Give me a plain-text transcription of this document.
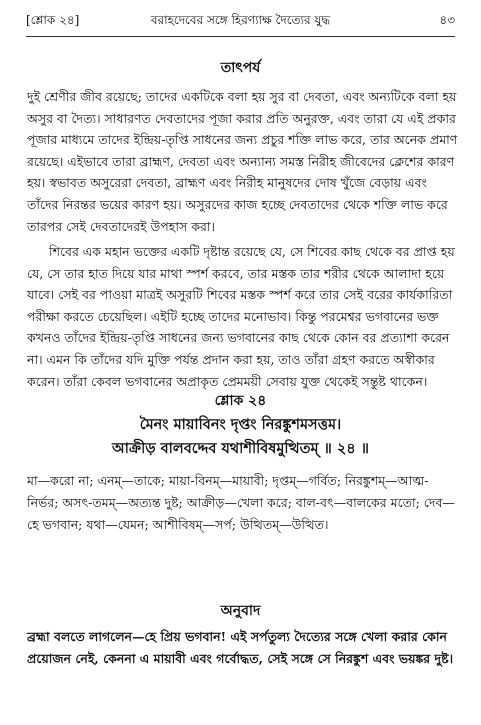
[শ্লোক ২৪]	বরাহদেবের সঙ্গে হিরণ্যাক্ষ দৈত্যের যুদ্ধ	৪৩
তাৎপর্য

দুই শ্রেণীর জীব রয়েছে; তাদের একটিকে বলা হয় সুর বা দেবতা, এবং অন্যটিকে বলা হয় অসুর বা দৈত্য। সাধারণত দেবতাদের পূজা করার প্রতি অনুরক্ত, এবং তারা যে এই প্রকার পূজার মাধ্যমে তাদের ইন্দ্রিয়-তৃপ্তি সাধনের জন্য প্রচুর শক্তি লাভ করে, তার অনেক প্রমাণ রয়েছে। এইভাবে তারা ব্রাহ্মণ, দেবতা এবং অন্যান্য সমস্ত নিরীহ জীবেদের ক্লেশের কারণ হয়। স্বভাবত অসুরেরা দেবতা, ব্রাহ্মণ এবং নিরীহ মানুষদের দোষ খুঁজে বেড়ায় এবং তাঁদের নিরন্তর ভয়ের কারণ হয়। অসুরদের কাজ হচ্ছে দেবতাদের থেকে শক্তি লাভ করে তারপর সেই দেবতাদেরই উপহাস করা।

শিবের এক মহান ভক্তের একটি দৃষ্টান্ত রয়েছে যে, সে শিবের কাছ থেকে বর প্রাপ্ত হয় যে, সে তার হাত দিয়ে যার মাথা স্পর্শ করবে, তার মস্তক তার শরীর থেকে আলাদা হয়ে যাবে। সেই বর পাওয়া মাত্রই অসুরটি শিবের মস্তক স্পর্শ করে তার সেই বরের কার্যকারিতা পরীক্ষা করতে চেয়েছিল। এইটি হচ্ছে তাদের মনোভাব। কিন্তু পরমেশ্বর ভগবানের ভক্ত কখনও তাঁদের ইন্দ্রিয়-তৃপ্তি সাধনের জন্য ভগবানের কাছ থেকে কোন বর প্রত্যাশা করেন না। এমন কি তাঁদের যদি মুক্তি পর্যন্ত প্রদান করা হয়, তাও তাঁরা গ্রহণ করতে অস্বীকার করেন। তাঁরা কেবল ভগবানের অপ্রাকৃত প্রেমময়ী সেবায় যুক্ত থেকেই সন্তুষ্ট থাকেন।

শ্লোক ২৪
মৈনং মায়াবিনং দৃপ্তং নিরঙ্কুশমসত্তম।
আক্রীড় বালবদ্দেব যথাশীবিষমুত্থিতম্ ॥ ২৪ ॥

মা—করো না; এনম্—তাকে; মায়া-বিনম্—মায়াবী; দৃপ্তম্—গর্বিত; নিরঙ্কুশম্—আত্ম-নির্ভর; অসৎ-তমম্—অত্যন্ত দুষ্ট; আক্রীড়—খেলা করে; বাল-বৎ—বালকের মতো; দেব—হে ভগবান; যথা—যেমন; আশীবিষম্—সর্প; উত্থিতম্—উত্থিত।

অনুবাদ

ব্রহ্মা বলতে লাগলেন—হে প্রিয় ভগবান! এই সর্পতুল্য দৈত্যের সঙ্গে খেলা করার কোন প্রয়োজন নেই, কেননা এ মায়াবী এবং গর্বোদ্ধত, সেই সঙ্গে সে নিরঙ্কুশ এবং ভয়ঙ্কর দুষ্ট।
